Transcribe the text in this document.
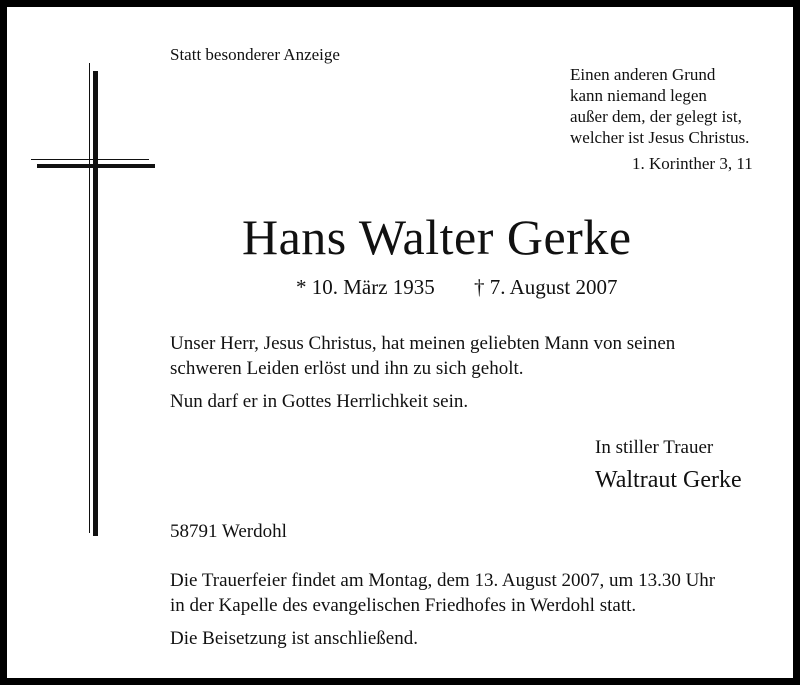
Statt besonderer Anzeige
Einen anderen Grund
kann niemand legen
außer dem, der gelegt ist,
welcher ist Jesus Christus.
1. Korinther 3, 11
Hans Walter Gerke
* 10. März 1935 † 7. August 2007
Unser Herr, Jesus Christus, hat meinen geliebten Mann von seinen
schweren Leiden erlöst und ihn zu sich geholt.
Nun darf er in Gottes Herrlichkeit sein.
In stiller Trauer
Waltraut Gerke
58791 Werdohl
Die Trauerfeier findet am Montag, dem 13. August 2007, um 13.30 Uhr
in der Kapelle des evangelischen Friedhofes in Werdohl statt.
Die Beisetzung ist anschließend.
